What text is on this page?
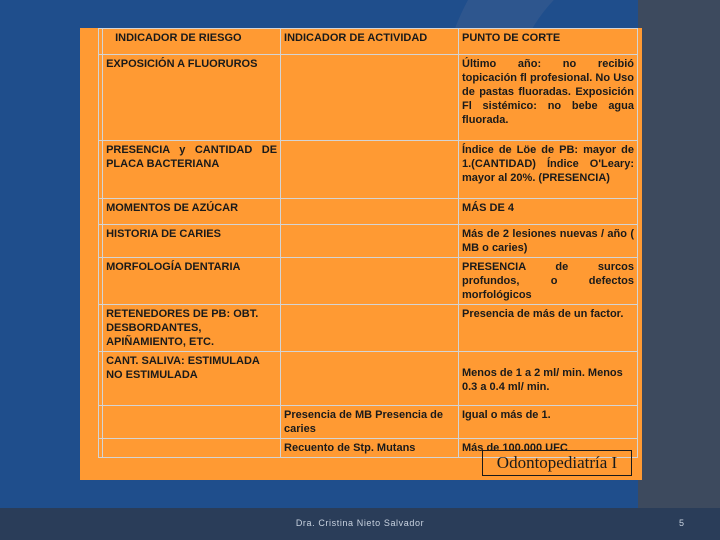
	INDICADOR DE RIESGO	INDICADOR DE ACTIVIDAD	PUNTO DE CORTE
	EXPOSICIÓN A FLUORUROS		Último año: no recibió topicación fl profesional. No Uso de pastas fluoradas. Exposición Fl sistémico: no bebe agua fluorada.
	PRESENCIA y CANTIDAD DE PLACA BACTERIANA		Índice de Löe de PB: mayor de 1.(CANTIDAD) Índice O'Leary: mayor al 20%. (PRESENCIA)
	MOMENTOS DE AZÚCAR		MÁS DE 4
	HISTORIA DE CARIES		Más de 2 lesiones nuevas / año ( MB o caries)
	MORFOLOGÍA DENTARIA		PRESENCIA de surcos profundos, o defectos morfológicos
	RETENEDORES DE PB: OBT. DESBORDANTES, APIÑAMIENTO, ETC.		Presencia de más de un factor.
	CANT. SALIVA: ESTIMULADA NO ESTIMULADA		Menos de 1 a 2 ml/ min. Menos 0.3 a 0.4 ml/ min.
		Presencia de MB Presencia de caries	Igual o más de 1.
		Recuento de Stp. Mutans	Más de 100.000 UFC
Odontopediatría I
Dra. Cristina Nieto Salvador	5
